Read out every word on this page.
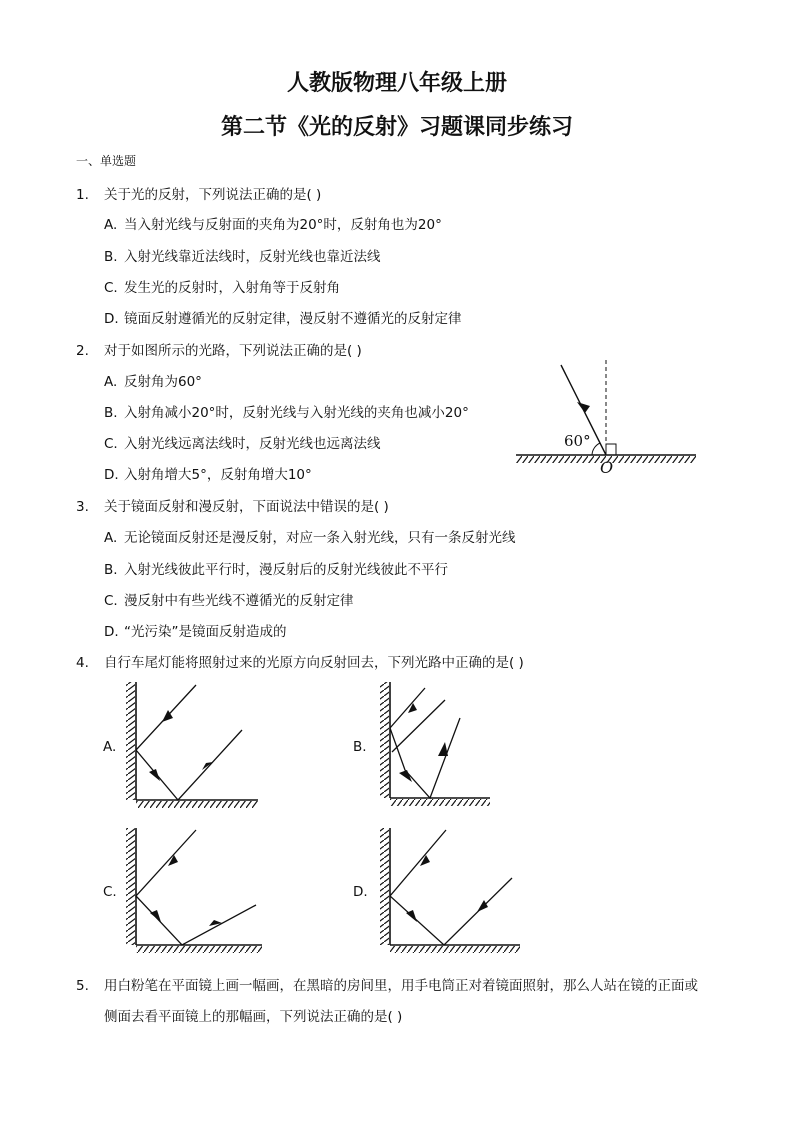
人教版物理八年级上册
第二节《光的反射》习题课同步练习
一、单选题
1. 关于光的反射，下列说法正确的是( )
A. 当入射光线与反射面的夹角为20°时，反射角也为20°
B. 入射光线靠近法线时，反射光线也靠近法线
C. 发生光的反射时，入射角等于反射角
D. 镜面反射遵循光的反射定律，漫反射不遵循光的反射定律
2. 对于如图所示的光路，下列说法正确的是( )
A. 反射角为60°
B. 入射角减小20°时，反射光线与入射光线的夹角也减小20°
C. 入射光线远离法线时，反射光线也远离法线
D. 入射角增大5°，反射角增大10°
3. 关于镜面反射和漫反射，下面说法中错误的是( )
A. 无论镜面反射还是漫反射，对应一条入射光线，只有一条反射光线
B. 入射光线彼此平行时，漫反射后的反射光线彼此不平行
C. 漫反射中有些光线不遵循光的反射定律
D. “光污染”是镜面反射造成的
4. 自行车尾灯能将照射过来的光原方向反射回去，下列光路中正确的是( )
5. 用白粉笔在平面镜上画一幅画，在黑暗的房间里，用手电筒正对着镜面照射，那么人站在镜的正面或
侧面去看平面镜上的那幅画，下列说法正确的是( )
A.	B.
C.	D.
60°
O
